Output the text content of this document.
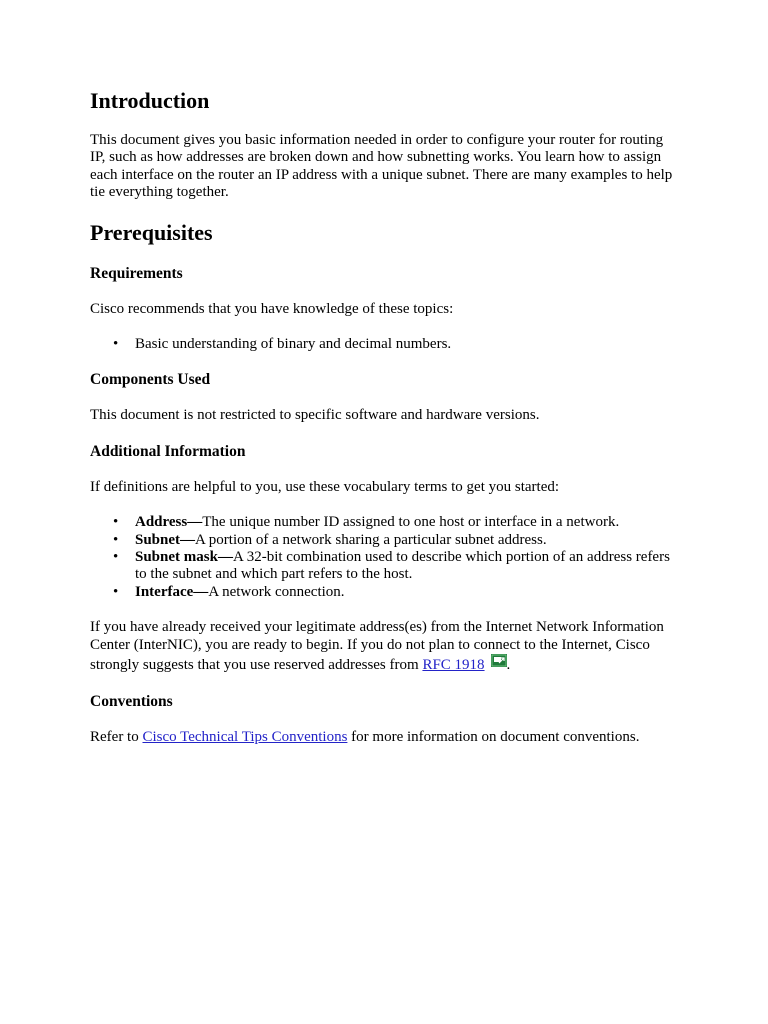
Introduction

This document gives you basic information needed in order to configure your router for routing IP, such as how addresses are broken down and how subnetting works. You learn how to assign each interface on the router an IP address with a unique subnet. There are many examples to help tie everything together.

Prerequisites
Requirements

Cisco recommends that you have knowledge of these topics:

• Basic understanding of binary and decimal numbers.
Components Used

This document is not restricted to specific software and hardware versions.

Additional Information

If definitions are helpful to you, use these vocabulary terms to get you started:

• Address—The unique number ID assigned to one host or interface in a network.
• Subnet—A portion of a network sharing a particular subnet address.
• Subnet mask—A 32-bit combination used to describe which portion of an address refers to the subnet and which part refers to the host.
• Interface—A network connection.

If you have already received your legitimate address(es) from the Internet Network Information Center (InterNIC), you are ready to begin. If you do not plan to connect to the Internet, Cisco strongly suggests that you use reserved addresses from RFC 1918 .

Conventions

Refer to Cisco Technical Tips Conventions for more information on document conventions.
